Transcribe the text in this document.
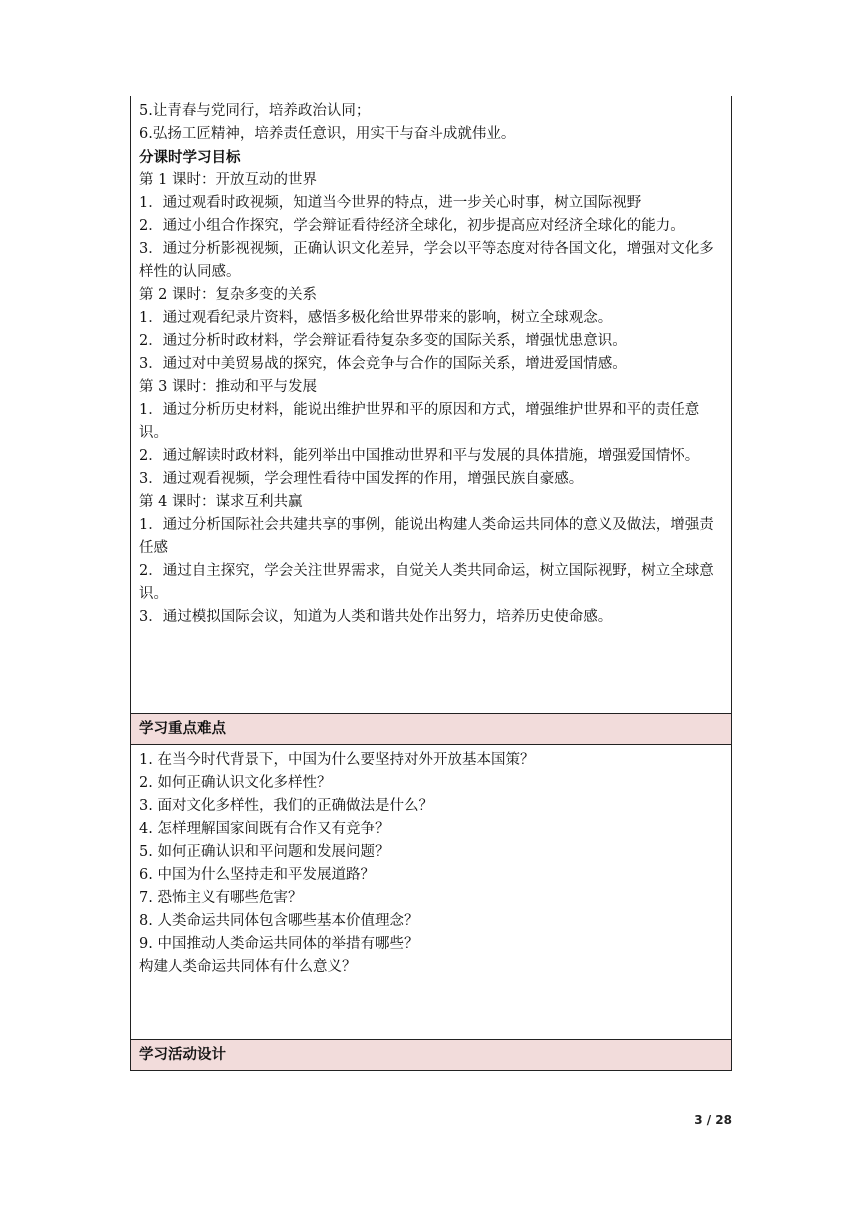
5.让青春与党同行，培养政治认同；
6.弘扬工匠精神，培养责任意识，用实干与奋斗成就伟业。
分课时学习目标
第 1 课时：开放互动的世界
1．通过观看时政视频，知道当今世界的特点，进一步关心时事，树立国际视野
2．通过小组合作探究，学会辩证看待经济全球化，初步提高应对经济全球化的能力。
3．通过分析影视视频，正确认识文化差异，学会以平等态度对待各国文化，增强对文化多样性的认同感。
第 2 课时：复杂多变的关系
1．通过观看纪录片资料，感悟多极化给世界带来的影响，树立全球观念。
2．通过分析时政材料，学会辩证看待复杂多变的国际关系，增强忧患意识。
3．通过对中美贸易战的探究，体会竞争与合作的国际关系，增进爱国情感。
第 3 课时：推动和平与发展
1．通过分析历史材料，能说出维护世界和平的原因和方式，增强维护世界和平的责任意识。
2．通过解读时政材料，能列举出中国推动世界和平与发展的具体措施，增强爱国情怀。
3．通过观看视频，学会理性看待中国发挥的作用，增强民族自豪感。
第 4 课时：谋求互利共赢
1．通过分析国际社会共建共享的事例，能说出构建人类命运共同体的意义及做法，增强责任感
2．通过自主探究，学会关注世界需求，自觉关人类共同命运，树立国际视野，树立全球意识。
3．通过模拟国际会议，知道为人类和谐共处作出努力，培养历史使命感。
学习重点难点
1. 在当今时代背景下，中国为什么要坚持对外开放基本国策？
2. 如何正确认识文化多样性？
3. 面对文化多样性，我们的正确做法是什么？
4. 怎样理解国家间既有合作又有竞争？
5. 如何正确认识和平问题和发展问题？
6. 中国为什么坚持走和平发展道路？
7. 恐怖主义有哪些危害？
8. 人类命运共同体包含哪些基本价值理念？
9. 中国推动人类命运共同体的举措有哪些？
构建人类命运共同体有什么意义？
学习活动设计
3 / 28
